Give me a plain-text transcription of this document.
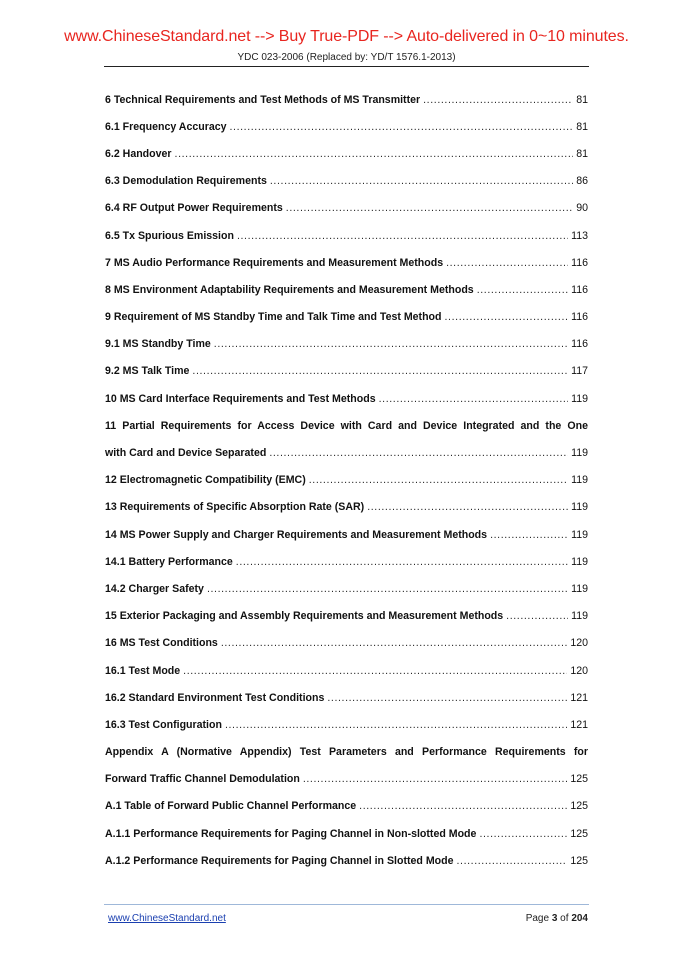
www.ChineseStandard.net --> Buy True-PDF --> Auto-delivered in 0~10 minutes.
YDC 023-2006 (Replaced by: YD/T 1576.1-2013)
6 Technical Requirements and Test Methods of MS Transmitter .....	81
6.1 Frequency Accuracy .....	81
6.2 Handover .....	81
6.3 Demodulation Requirements .....	86
6.4 RF Output Power Requirements .....	90
6.5 Tx Spurious Emission .....	113
7 MS Audio Performance Requirements and Measurement Methods .....	116
8 MS Environment Adaptability Requirements and Measurement Methods .....	116
9 Requirement of MS Standby Time and Talk Time and Test Method .....	116
9.1 MS Standby Time .....	116
9.2 MS Talk Time .....	117
10 MS Card Interface Requirements and Test Methods .....	119
11 Partial Requirements for Access Device with Card and Device Integrated and the One
with Card and Device Separated .....	119
12 Electromagnetic Compatibility (EMC) .....	119
13 Requirements of Specific Absorption Rate (SAR) .....	119
14 MS Power Supply and Charger Requirements and Measurement Methods .....	119
14.1 Battery Performance .....	119
14.2 Charger Safety .....	119
15 Exterior Packaging and Assembly Requirements and Measurement Methods .....	119
16 MS Test Conditions .....	120
16.1 Test Mode .....	120
16.2 Standard Environment Test Conditions .....	121
16.3 Test Configuration .....	121
Appendix A (Normative Appendix) Test Parameters and Performance Requirements for
Forward Traffic Channel Demodulation .....	125
A.1 Table of Forward Public Channel Performance .....	125
A.1.1 Performance Requirements for Paging Channel in Non-slotted Mode .....	125
A.1.2 Performance Requirements for Paging Channel in Slotted Mode .....	125
www.ChineseStandard.net	Page 3 of 204
